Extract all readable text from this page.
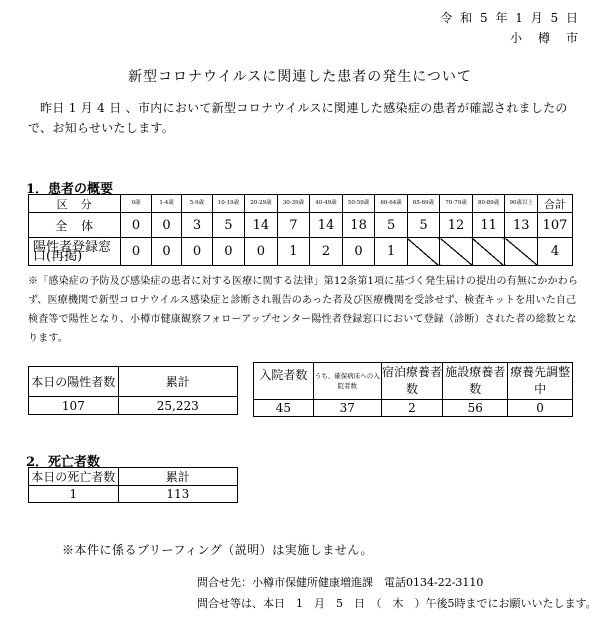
令 和 5 年 1 月 5 日
小　樽　市
新型コロナウイルスに関連した患者の発生について
昨日 1 月 4 日 、市内において新型コロナウイルスに関連した感染症の患者が確認されましたので、お知らせいたします。
1．患者の概要
区　分	0歳	1-4歳	5-9歳	10-19歳	20-29歳	30-39歳	40-49歳	50-59歳	60-64歳	65-69歳	70-79歳	80-89歳	90歳以上	合計
全　体	0	0	3	5	14	7	14	18	5	5	12	11	13	107
陽性者登録窓口(再掲)	0	0	0	0	0	1	2	0	1					4
※「感染症の予防及び感染症の患者に対する医療に関する法律」第12条第1項に基づく発生届けの提出の有無にかかわらず、医療機関で新型コロナウイルス感染症と診断され報告のあった者及び医療機関を受診せず、検査キットを用いた自己検査等で陽性となり、小樽市健康観察フォローアップセンター陽性者登録窓口において登録（診断）された者の総数となります。
本日の陽性者数	累計
107	25,223
入院者数	うち、確保病床への入院者数	宿泊療養者数	施設療養者数	療養先調整中
45	37	2	56	0
2．死亡者数
本日の死亡者数	累計
1	113
※本件に係るブリーフィング（説明）は実施しません。
問合せ先：小樽市保健所健康増進課　電話0134-22-3110
問合せ等は、本日　1　月　5　日　（　木　）午後5時までにお願いいたします。
